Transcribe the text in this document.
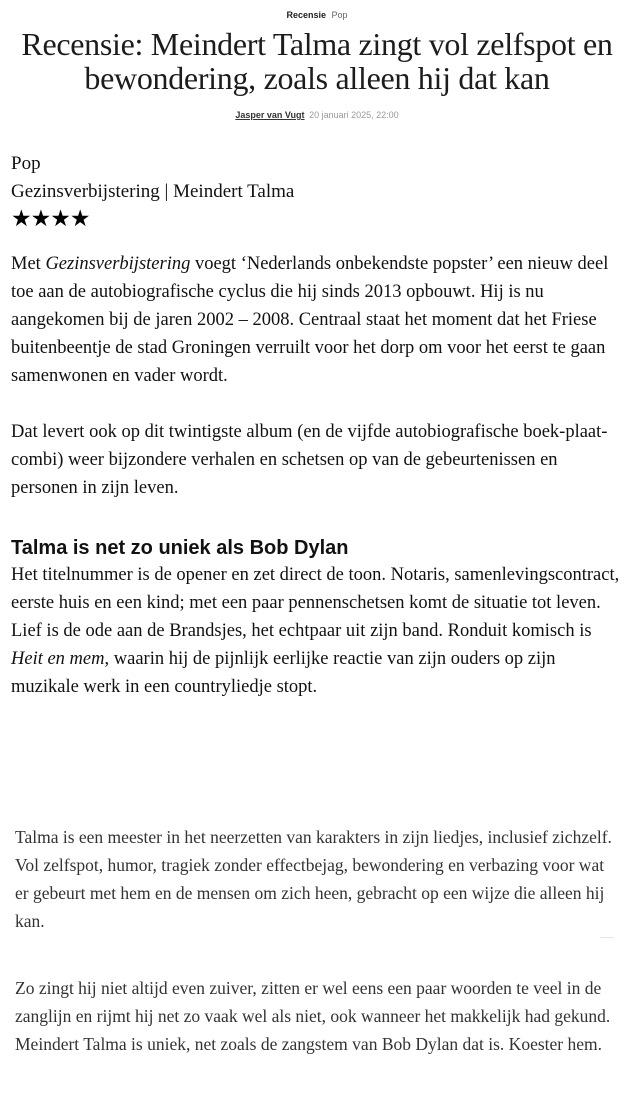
Recensie Pop
Recensie: Meindert Talma zingt vol zelfspot en bewondering, zoals alleen hij dat kan
Jasper van Vugt 20 januari 2025, 22:00
Pop
Gezinsverbijstering | Meindert Talma
★★★★

Met Gezinsverbijstering voegt ‘Nederlands onbekendste popster’ een nieuw deel toe aan de autobiografische cyclus die hij sinds 2013 opbouwt. Hij is nu aangekomen bij de jaren 2002 – 2008. Centraal staat het moment dat het Friese buitenbeentje de stad Groningen verruilt voor het dorp om voor het eerst te gaan samenwonen en vader wordt.

Dat levert ook op dit twintigste album (en de vijfde autobiografische boek-plaat-combi) weer bijzondere verhalen en schetsen op van de gebeurtenissen en personen in zijn leven.

Talma is net zo uniek als Bob Dylan

Het titelnummer is de opener en zet direct de toon. Notaris, samenlevingscontract, eerste huis en een kind; met een paar pennenschetsen komt de situatie tot leven. Lief is de ode aan de Brandsjes, het echtpaar uit zijn band. Ronduit komisch is Heit en mem, waarin hij de pijnlijk eerlijke reactie van zijn ouders op zijn muzikale werk in een countryliedje stopt.

Talma is een meester in het neerzetten van karakters in zijn liedjes, inclusief zichzelf. Vol zelfspot, humor, tragiek zonder effectbejag, bewondering en verbazing voor wat er gebeurt met hem en de mensen om zich heen, gebracht op een wijze die alleen hij kan.
Zo zingt hij niet altijd even zuiver, zitten er wel eens een paar woorden te veel in de zanglijn en rijmt hij net zo vaak wel als niet, ook wanneer het makkelijk had gekund. Meindert Talma is uniek, net zoals de zangstem van Bob Dylan dat is. Koester hem.
